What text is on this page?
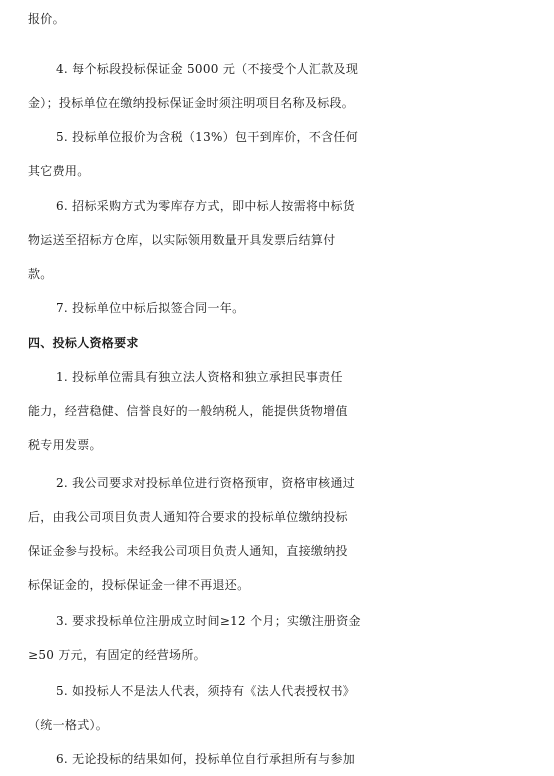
报价。
4. 每个标段投标保证金 5000 元（不接受个人汇款及现
金）；投标单位在缴纳投标保证金时须注明项目名称及标段。
5. 投标单位报价为含税（13%）包干到库价，不含任何
其它费用。
6. 招标采购方式为零库存方式，即中标人按需将中标货
物运送至招标方仓库，以实际领用数量开具发票后结算付
款。
7. 投标单位中标后拟签合同一年。
四、投标人资格要求
1. 投标单位需具有独立法人资格和独立承担民事责任
能力，经营稳健、信誉良好的一般纳税人，能提供货物增值
税专用发票。
2. 我公司要求对投标单位进行资格预审，资格审核通过
后，由我公司项目负责人通知符合要求的投标单位缴纳投标
保证金参与投标。未经我公司项目负责人通知，直接缴纳投
标保证金的，投标保证金一律不再退还。
3. 要求投标单位注册成立时间≥12 个月；实缴注册资金
≥50 万元，有固定的经营场所。
5. 如投标人不是法人代表，须持有《法人代表授权书》
（统一格式）。
6. 无论投标的结果如何，投标单位自行承担所有与参加
